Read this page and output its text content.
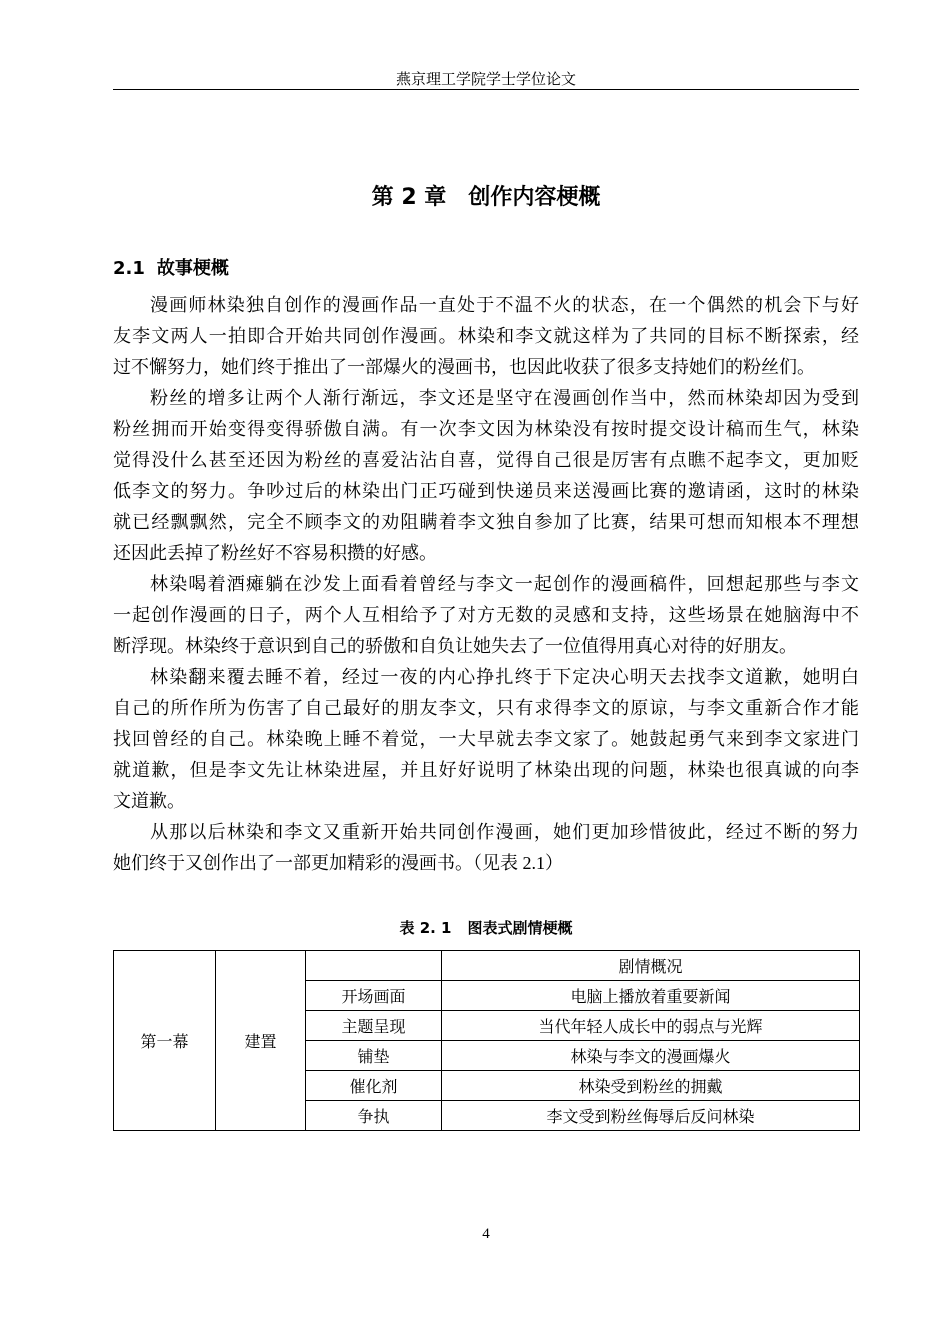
燕京理工学院学士学位论文
第 2 章 创作内容梗概
2.1 故事梗概
漫画师林染独自创作的漫画作品一直处于不温不火的状态，在一个偶然的机会下与好
友李文两人一拍即合开始共同创作漫画。林染和李文就这样为了共同的目标不断探索，经
过不懈努力，她们终于推出了一部爆火的漫画书，也因此收获了很多支持她们的粉丝们。
粉丝的增多让两个人渐行渐远，李文还是坚守在漫画创作当中，然而林染却因为受到
粉丝拥而开始变得变得骄傲自满。有一次李文因为林染没有按时提交设计稿而生气，林染
觉得没什么甚至还因为粉丝的喜爱沾沾自喜，觉得自己很是厉害有点瞧不起李文，更加贬
低李文的努力。争吵过后的林染出门正巧碰到快递员来送漫画比赛的邀请函，这时的林染
就已经飘飘然，完全不顾李文的劝阻瞒着李文独自参加了比赛，结果可想而知根本不理想
还因此丢掉了粉丝好不容易积攒的好感。
林染喝着酒瘫躺在沙发上面看着曾经与李文一起创作的漫画稿件，回想起那些与李文
一起创作漫画的日子，两个人互相给予了对方无数的灵感和支持，这些场景在她脑海中不
断浮现。林染终于意识到自己的骄傲和自负让她失去了一位值得用真心对待的好朋友。
林染翻来覆去睡不着，经过一夜的内心挣扎终于下定决心明天去找李文道歉，她明白
自己的所作所为伤害了自己最好的朋友李文，只有求得李文的原谅，与李文重新合作才能
找回曾经的自己。林染晚上睡不着觉，一大早就去李文家了。她鼓起勇气来到李文家进门
就道歉，但是李文先让林染进屋，并且好好说明了林染出现的问题，林染也很真诚的向李
文道歉。
从那以后林染和李文又重新开始共同创作漫画，她们更加珍惜彼此，经过不断的努力
她们终于又创作出了一部更加精彩的漫画书。（见表 2.1）
表 2. 1 图表式剧情梗概
第一幕	建置		剧情概况
		开场画面	电脑上播放着重要新闻
		主题呈现	当代年轻人成长中的弱点与光辉
		铺垫	林染与李文的漫画爆火
		催化剂	林染受到粉丝的拥戴
		争执	李文受到粉丝侮辱后反问林染
4
